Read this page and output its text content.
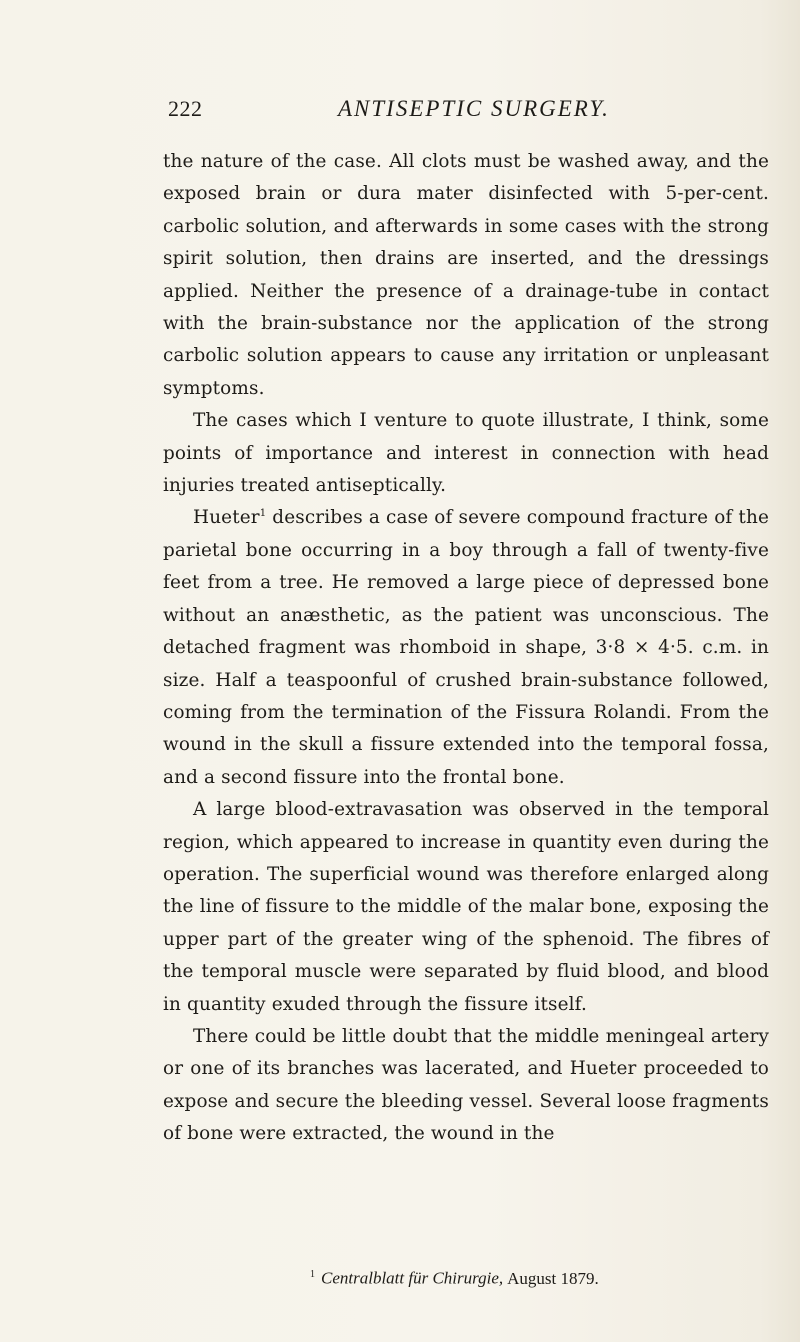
222	ANTISEPTIC SURGERY.

the nature of the case. All clots must be washed away, and the exposed brain or dura mater disinfected with 5-per-cent. carbolic solution, and afterwards in some cases with the strong spirit solution, then drains are inserted, and the dressings applied. Neither the presence of a drainage-tube in contact with the brain-substance nor the application of the strong carbolic solution appears to cause any irritation or unpleasant symptoms.

The cases which I venture to quote illustrate, I think, some points of importance and interest in connection with head injuries treated antiseptically.

Hueter$^1$ describes a case of severe compound fracture of the parietal bone occurring in a boy through a fall of twenty-five feet from a tree. He removed a large piece of depressed bone without an anæsthetic, as the patient was unconscious. The detached fragment was rhomboid in shape, 3·8 × 4·5. c.m. in size. Half a teaspoonful of crushed brain-substance followed, coming from the termination of the Fissura Rolandi. From the wound in the skull a fissure extended into the temporal fossa, and a second fissure into the frontal bone.

A large blood-extravasation was observed in the temporal region, which appeared to increase in quantity even during the operation. The superficial wound was therefore enlarged along the line of fissure to the middle of the malar bone, exposing the upper part of the greater wing of the sphenoid. The fibres of the temporal muscle were separated by fluid blood, and blood in quantity exuded through the fissure itself.

There could be little doubt that the middle meningeal artery or one of its branches was lacerated, and Hueter proceeded to expose and secure the bleeding vessel. Several loose fragments of bone were extracted, the wound in the

$^1$ Centralblatt für Chirurgie, August 1879.
